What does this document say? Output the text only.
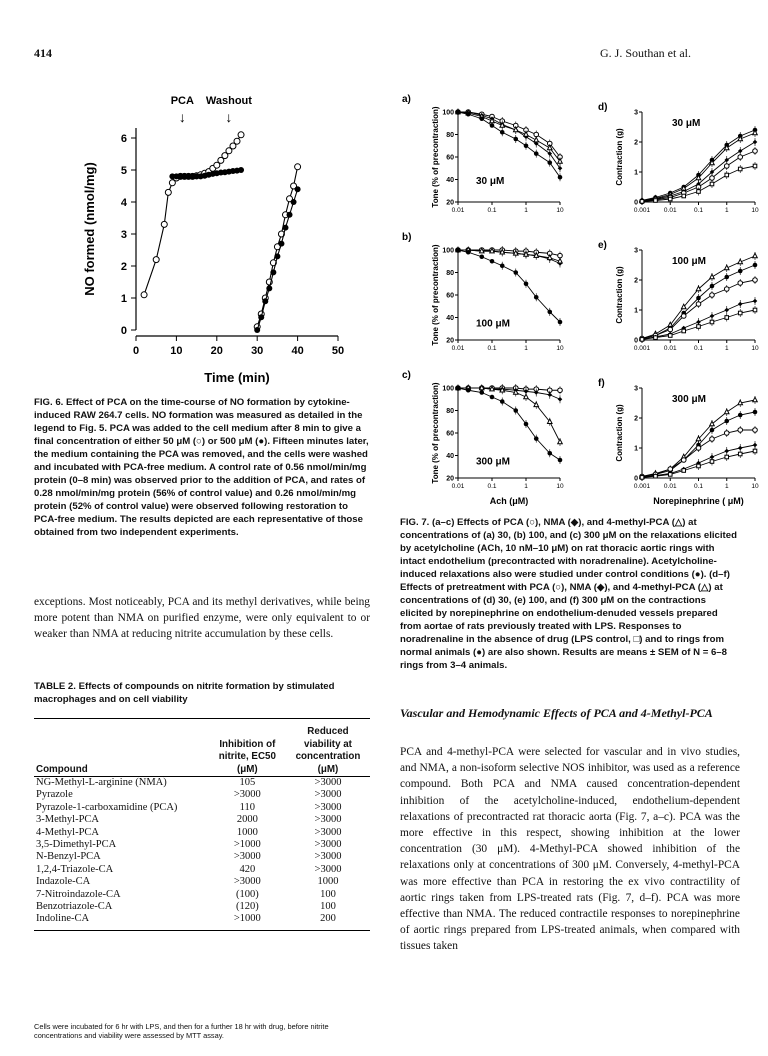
414	G. J. Southan et al.
0
1
2
3
4
5
6
0	10	20	30	40	50
Time (min)
NO formed (nmol/mg)
PCA
↓
Washout
↓
FIG. 6. Effect of PCA on the time-course of NO formation by cytokine-induced RAW 264.7 cells. NO formation was measured as detailed in the legend to Fig. 5. PCA was added to the cell medium after 8 min to give a final concentration of either 50 μM (○) or 500 μM (●). Fifteen minutes later, the medium containing the PCA was removed, and the cells were washed and incubated with PCA-free medium. A control rate of 0.56 nmol/min/mg protein (0–8 min) was observed prior to the addition of PCA, and rates of 0.28 nmol/min/mg protein (56% of control value) and 0.26 nmol/min/mg protein (52% of control value) were observed following restoration to PCA-free medium. The results depicted are each representative of those obtained from two independent experiments.
exceptions. Most noticeably, PCA and its methyl derivatives, while being more potent than NMA on purified enzyme, were only equivalent to or weaker than NMA at reducing nitrite accumulation by these cells.
TABLE 2. Effects of compounds on nitrite formation by stimulated macrophages and on cell viability
Compound	Inhibition of nitrite, EC50 (μM)	Reduced viability at concentration (μM)
NG-Methyl-L-arginine (NMA)	105	>3000
Pyrazole	>3000	>3000
Pyrazole-1-carboxamidine (PCA)	110	>3000
3-Methyl-PCA	2000	>3000
4-Methyl-PCA	1000	>3000
3,5-Dimethyl-PCA	>1000	>3000
N-Benzyl-PCA	>3000	>3000
1,2,4-Triazole-CA	420	>3000
Indazole-CA	>3000	1000
7-Nitroindazole-CA	(100)	100
Benzotriazole-CA	(120)	100
Indoline-CA	>1000	200

Cells were incubated for 6 hr with LPS, and then for a further 18 hr with drug, before nitrite concentrations and viability were assessed by MTT assay.
a)
20
40
60
80
100
0.01	0.1	1	10
Tone (% of precontraction)	30 μM
b)
20
40
60
80
100
0.01	0.1	1	10
Tone (% of precontraction)	100 μM
c)
20
40
60
80
100
0.01	0.1	1	10
Tone (% of precontraction)	300 μM
Ach (μM)
d)
0
1
2
3
0.001 0.01	0.1	1	10
Contraction (g)
30 μM
e)
0
1
2
3
0.001 0.01	0.1	1	10
Contraction (g)
100 μM
f)
0
1
2
3
0.001 0.01	0.1	1	10
Contraction (g)
300 μM
Norepinephrine ( μM)
FIG. 7. (a–c) Effects of PCA (○), NMA (◆), and 4-methyl-PCA (△) at concentrations of (a) 30, (b) 100, and (c) 300 μM on the relaxations elicited by acetylcholine (ACh, 10 nM–10 μM) on rat thoracic aortic rings with intact endothelium (precontracted with noradrenaline). Acetylcholine-induced relaxations also were studied under control conditions (●). (d–f) Effects of pretreatment with PCA (○), NMA (◆), and 4-methyl-PCA (△) at concentrations of (d) 30, (e) 100, and (f) 300 μM on the contractions elicited by norepinephrine on endothelium-denuded vessels prepared from aortae of rats previously treated with LPS. Responses to noradrenaline in the absence of drug (LPS control, □) and to rings from normal animals (●) are also shown. Results are means ± SEM of N = 6–8 rings from 3–4 animals.
Vascular and Hemodynamic Effects of PCA and 4-Methyl-PCA
PCA and 4-methyl-PCA were selected for vascular and in vivo studies, and NMA, a non-isoform selective NOS inhibitor, was used as a reference compound. Both PCA and NMA caused concentration-dependent inhibition of the acetylcholine-induced, endothelium-dependent relaxations of precontracted rat thoracic aorta (Fig. 7, a–c). PCA was the more effective in this respect, showing inhibition at the lower concentration (30 μM). 4-Methyl-PCA showed inhibition of the relaxations only at concentrations of 300 μM. Conversely, 4-methyl-PCA was more effective than PCA in restoring the ex vivo contractility of aortic rings taken from LPS-treated rats (Fig. 7, d–f). PCA was more effective than NMA. The reduced contractile responses to norepinephrine of aortic rings prepared from LPS-treated animals, when compared with tissues taken
